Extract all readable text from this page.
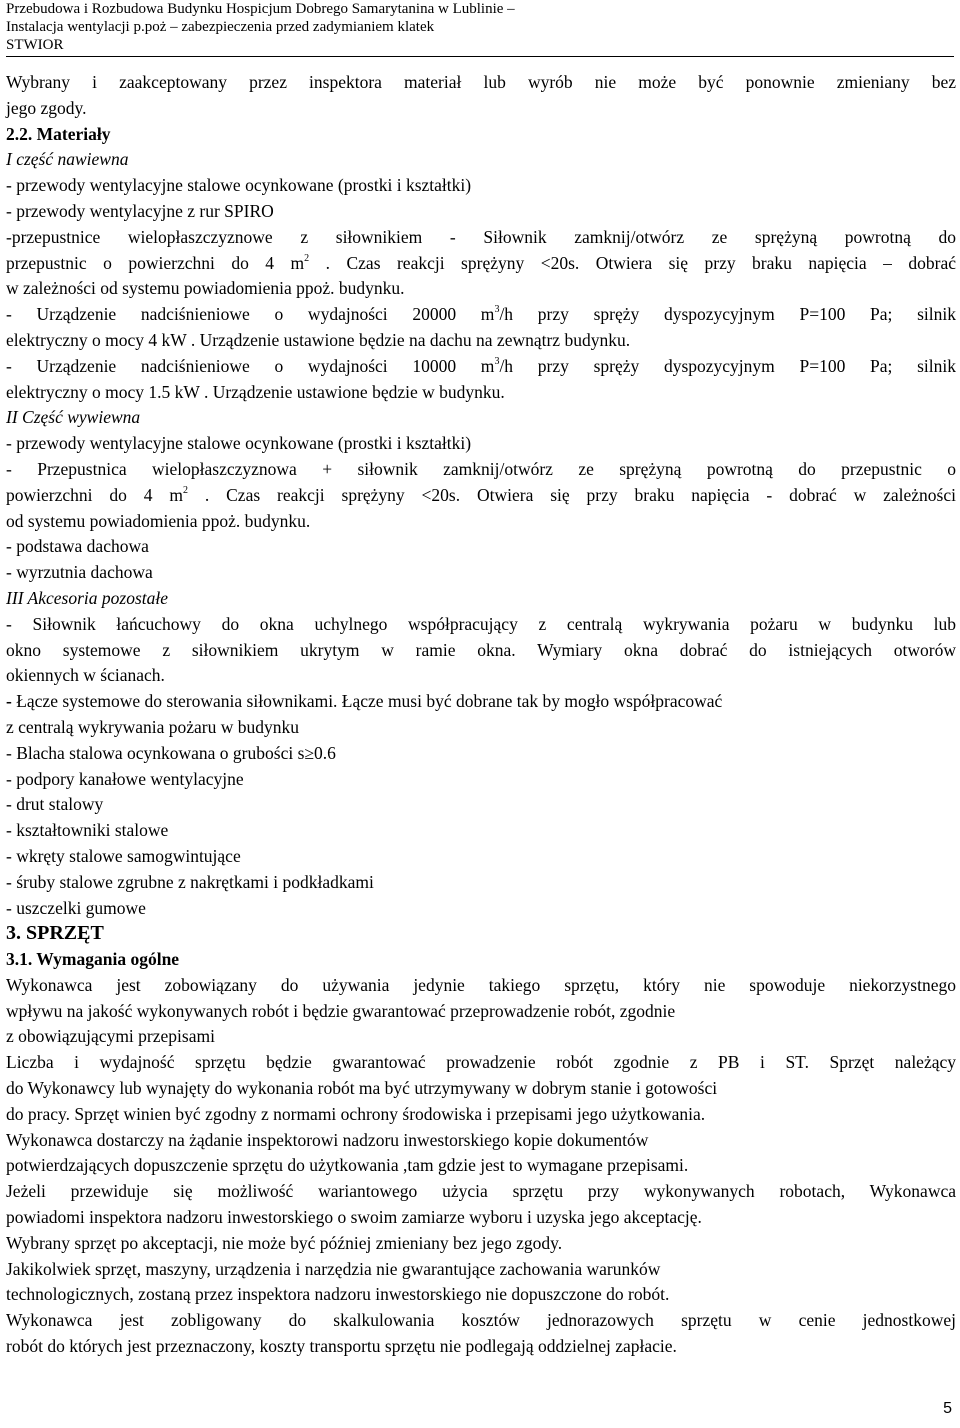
Przebudowa i Rozbudowa Budynku Hospicjum Dobrego Samarytanina w Lublinie –
Instalacja wentylacji p.poż – zabezpieczenia przed zadymianiem klatek
STWIOR

Wybrany i zaakceptowany przez inspektora materiał lub wyrób nie może być ponownie zmieniany bez

jego zgody.

2.2. Materiały

I część nawiewna

- przewody wentylacyjne stalowe ocynkowane (prostki i kształtki)

- przewody wentylacyjne z rur SPIRO

-przepustnice wielopłaszczyznowe z siłownikiem - Siłownik zamknij/otwórz ze sprężyną powrotną do

przepustnic o powierzchni do 4 $m^2$ . Czas reakcji sprężyny <20s. Otwiera się przy braku napięcia – dobrać

w zależności od systemu powiadomienia ppoż. budynku.

- Urządzenie nadciśnieniowe o wydajności 20000 $m^3/h$ przy spręży dyspozycyjnym P=100 Pa; silnik

elektryczny o mocy 4 kW . Urządzenie ustawione będzie na dachu na zewnątrz budynku.

- Urządzenie nadciśnieniowe o wydajności 10000 $m^3/h$ przy spręży dyspozycyjnym P=100 Pa; silnik

elektryczny o mocy 1.5 kW . Urządzenie ustawione będzie w budynku.

II Część wywiewna

- przewody wentylacyjne stalowe ocynkowane (prostki i kształtki)

- Przepustnica wielopłaszczyznowa + siłownik zamknij/otwórz ze sprężyną powrotną do przepustnic o

powierzchni do 4 $m^2$ . Czas reakcji sprężyny <20s. Otwiera się przy braku napięcia - dobrać w zależności

od systemu powiadomienia ppoż. budynku.

- podstawa dachowa

- wyrzutnia dachowa

III Akcesoria pozostałe

- Siłownik łańcuchowy do okna uchylnego współpracujący z centralą wykrywania pożaru w budynku lub

okno systemowe z siłownikiem ukrytym w ramie okna. Wymiary okna dobrać do istniejących otworów

okiennych w ścianach.

- Łącze systemowe do sterowania siłownikami. Łącze musi być dobrane tak by mogło współpracować

z centralą wykrywania pożaru w budynku

- Blacha stalowa ocynkowana o grubości s≥0.6

- podpory kanałowe wentylacyjne

- drut stalowy

- kształtowniki stalowe

- wkręty stalowe samogwintujące

- śruby stalowe zgrubne z nakrętkami i podkładkami

- uszczelki gumowe

3. SPRZĘT

3.1. Wymagania ogólne

Wykonawca jest zobowiązany do używania jedynie takiego sprzętu, który nie spowoduje niekorzystnego

wpływu na jakość wykonywanych robót i będzie gwarantować przeprowadzenie robót, zgodnie

z obowiązującymi przepisami

Liczba i wydajność sprzętu będzie gwarantować prowadzenie robót zgodnie z PB i ST. Sprzęt należący

do Wykonawcy lub wynajęty do wykonania robót ma być utrzymywany w dobrym stanie i gotowości

do pracy. Sprzęt winien być zgodny z normami ochrony środowiska i przepisami jego użytkowania.

Wykonawca dostarczy na żądanie inspektorowi nadzoru inwestorskiego kopie dokumentów

potwierdzających dopuszczenie sprzętu do użytkowania ,tam gdzie jest to wymagane przepisami.

Jeżeli przewiduje się możliwość wariantowego użycia sprzętu przy wykonywanych robotach, Wykonawca

powiadomi inspektora nadzoru inwestorskiego o swoim zamiarze wyboru i uzyska jego akceptację.

Wybrany sprzęt po akceptacji, nie może być później zmieniany bez jego zgody.

Jakikolwiek sprzęt, maszyny, urządzenia i narzędzia nie gwarantujące zachowania warunków

technologicznych, zostaną przez inspektora nadzoru inwestorskiego nie dopuszczone do robót.

Wykonawca jest zobligowany do skalkulowania kosztów jednorazowych sprzętu w cenie jednostkowej

robót do których jest przeznaczony, koszty transportu sprzętu nie podlegają oddzielnej zapłacie.

5
